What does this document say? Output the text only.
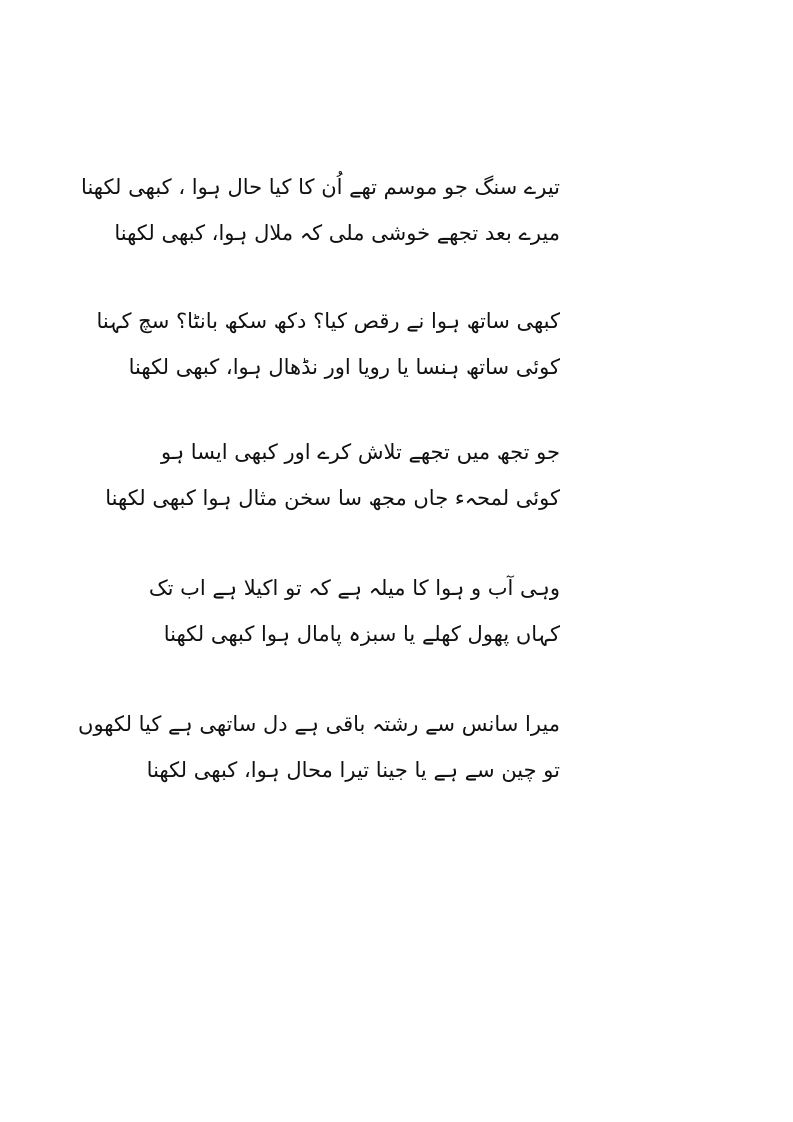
تیرے سنگ جو موسم تھے اُن کا کیا حال ہوا ، کبھی لکھنا
میرے بعد تجھے خوشی ملی کہ ملال ہوا، کبھی لکھنا
کبھی ساتھ ہوا نے رقص کیا؟ دکھ سکھ بانٹا؟ سچ کہنا
کوئی ساتھ ہنسا یا رویا اور نڈھال ہوا، کبھی لکھنا
جو تجھ میں تجھے تلاش کرے اور کبھی ایسا ہو
کوئی لمحہء جاں مجھ سا سخن مثال ہوا کبھی لکھنا
وہی آب و ہوا کا میلہ ہے کہ تو اکیلا ہے اب تک
کہاں پھول کھلے یا سبزہ پامال ہوا کبھی لکھنا
میرا سانس سے رشتہ باقی ہے دل ساتھی ہے کیا لکھوں
تو چین سے ہے یا جینا تیرا محال ہوا، کبھی لکھنا
